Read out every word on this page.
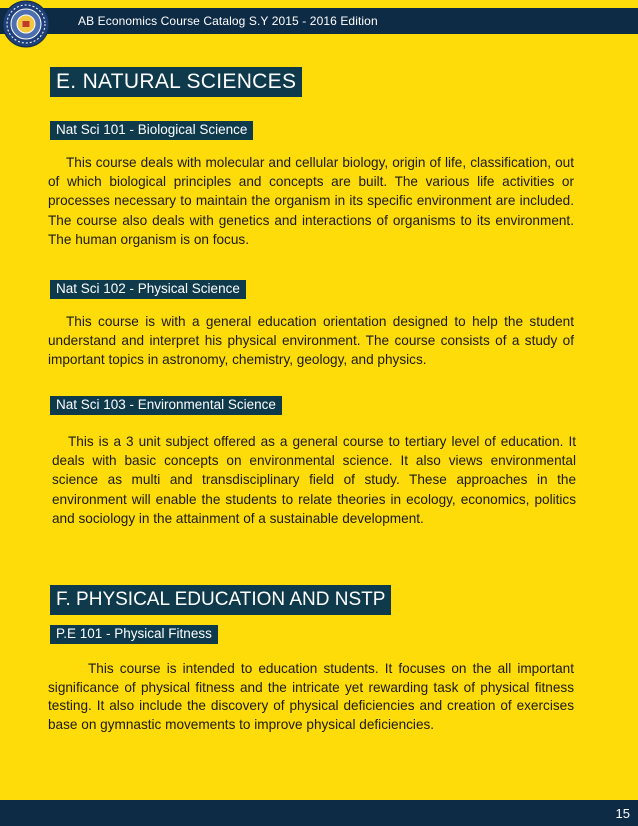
AB Economics Course Catalog S.Y 2015 - 2016 Edition
E. NATURAL SCIENCES
Nat Sci 101 - Biological Science

This course deals with molecular and cellular biology, origin of life, classification, out of which biological principles and concepts are built. The various life activities or processes necessary to maintain the organism in its specific environment are included. The course also deals with genetics and interactions of organisms to its environment. The human organism is on focus.

Nat Sci 102 - Physical Science

This course is with a general education orientation designed to help the student understand and interpret his physical environment. The course consists of a study of important topics in astronomy, chemistry, geology, and physics.

Nat Sci 103 - Environmental Science

This is a 3 unit subject offered as a general course to tertiary level of education. It deals with basic concepts on environmental science. It also views environmental science as multi and transdisciplinary field of study. These approaches in the environment will enable the students to relate theories in ecology, economics, politics and sociology in the attainment of a sustainable development.

F. PHYSICAL EDUCATION AND NSTP
P.E 101 - Physical Fitness

This course is intended to education students. It focuses on the all important significance of physical fitness and the intricate yet rewarding task of physical fitness testing. It also include the discovery of physical deficiencies and creation of exercises base on gymnastic movements to improve physical deficiencies.

15
